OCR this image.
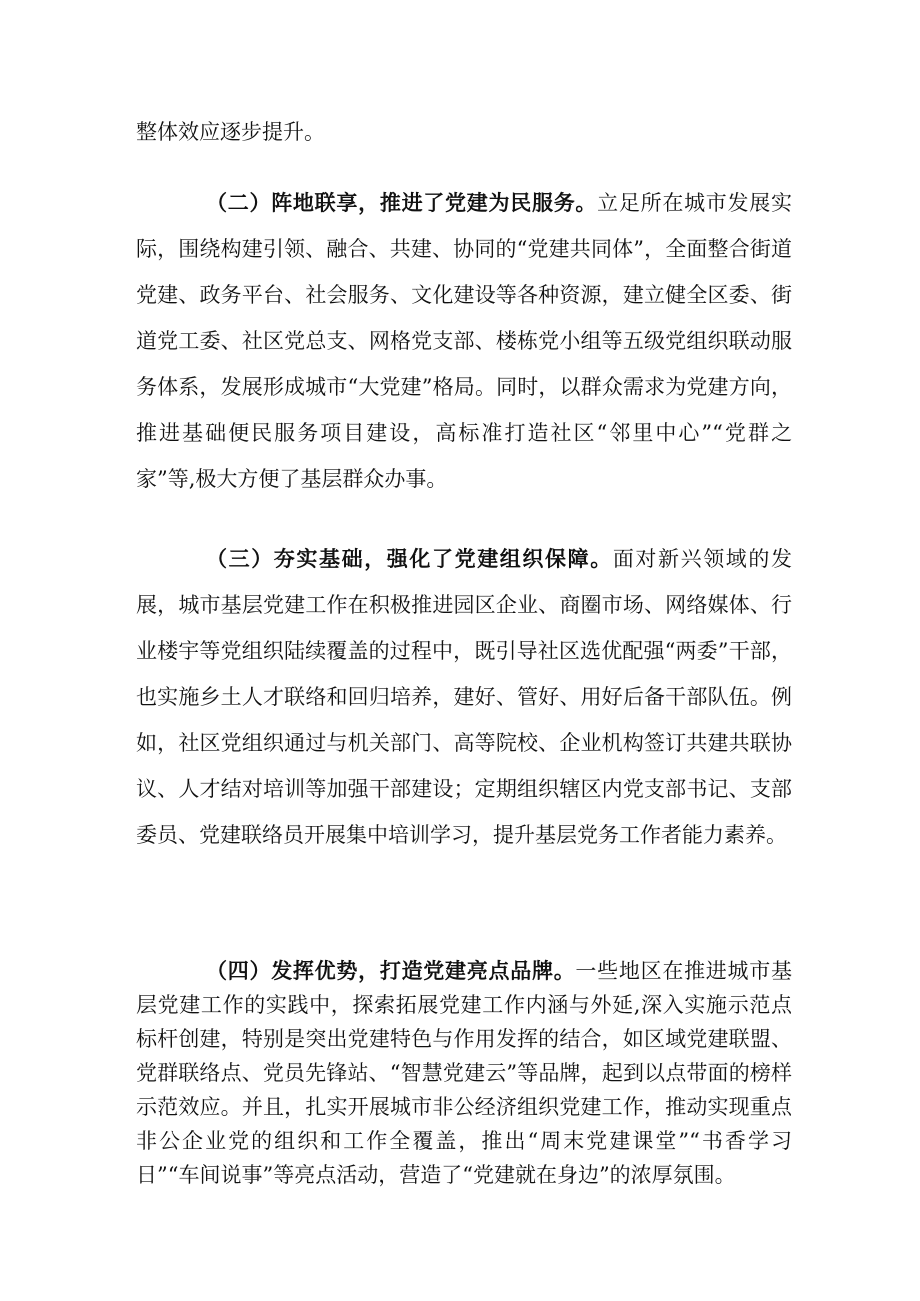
整体效应逐步提升。

（二）阵地联享，推进了党建为民服务。立足所在城市发展实际，围绕构建引领、融合、共建、协同的“党建共同体”，全面整合街道党建、政务平台、社会服务、文化建设等各种资源，建立健全区委、街道党工委、社区党总支、网格党支部、楼栋党小组等五级党组织联动服务体系，发展形成城市“大党建”格局。同时，以群众需求为党建方向，推进基础便民服务项目建设，高标准打造社区“邻里中心”“党群之家”等,极大方便了基层群众办事。

（三）夯实基础，强化了党建组织保障。面对新兴领域的发展，城市基层党建工作在积极推进园区企业、商圈市场、网络媒体、行业楼宇等党组织陆续覆盖的过程中，既引导社区选优配强“两委”干部，也实施乡土人才联络和回归培养，建好、管好、用好后备干部队伍。例如，社区党组织通过与机关部门、高等院校、企业机构签订共建共联协议、人才结对培训等加强干部建设；定期组织辖区内党支部书记、支部委员、党建联络员开展集中培训学习，提升基层党务工作者能力素养。

（四）发挥优势，打造党建亮点品牌。一些地区在推进城市基层党建工作的实践中，探索拓展党建工作内涵与外延,深入实施示范点标杆创建，特别是突出党建特色与作用发挥的结合，如区域党建联盟、党群联络点、党员先锋站、“智慧党建云”等品牌，起到以点带面的榜样示范效应。并且，扎实开展城市非公经济组织党建工作，推动实现重点非公企业党的组织和工作全覆盖，推出“周末党建课堂”“书香学习日”“车间说事”等亮点活动，营造了“党建就在身边”的浓厚氛围。
